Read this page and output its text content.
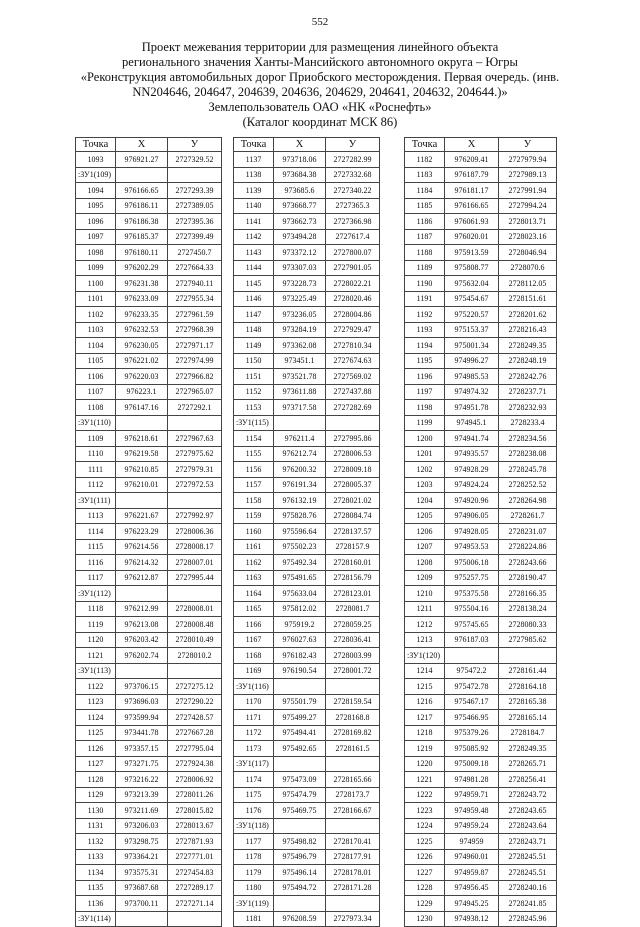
552
Проект межевания территории для размещения линейного объекта
регионального значения Ханты-Мансийского автономного округа – Югры
«Реконструкция автомобильных дорог Приобского месторождения. Первая очередь. (инв.
NN204646, 204647, 204639, 204636, 204629, 204641, 204632, 204644.)»
Землепользователь ОАО «НК «Роснефть»
(Каталог координат МСК 86)
Точка	X	У
1093	976921.27	2727329.52
:ЗУ1(109)		
1094	976166.65	2727293.39
1095	976186.11	2727389.05
1096	976186.38	2727395.36
1097	976185.37	2727399.49
1098	976180.11	2727450.7
1099	976202.29	2727664.33
1100	976231.38	2727940.11
1101	976233.09	2727955.34
1102	976233.35	2727961.59
1103	976232.53	2727968.39
1104	976230.05	2727971.17
1105	976221.02	2727974.99
1106	976220.03	2727966.82
1107	976223.1	2727965.07
1108	976147.16	2727292.1
:ЗУ1(110)		
1109	976218.61	2727967.63
1110	976219.58	2727975.62
1111	976210.85	2727979.31
1112	976210.01	2727972.53
:ЗУ1(111)		
1113	976221.67	2727992.97
1114	976223.29	2728006.36
1115	976214.56	2728008.17
1116	976214.32	2728007.01
1117	976212.87	2727995.44
:ЗУ1(112)		
1118	976212.99	2728008.01
1119	976213.08	2728008.48
1120	976203.42	2728010.49
1121	976202.74	2728010.2
:ЗУ1(113)		
1122	973706.15	2727275.12
1123	973696.03	2727290.22
1124	973599.94	2727428.57
1125	973441.78	2727667.28
1126	973357.15	2727795.04
1127	973271.75	2727924.38
1128	973216.22	2728006.92
1129	973213.39	2728011.26
1130	973211.69	2728015.82
1131	973206.03	2728013.67
1132	973298.75	2727871.93
1133	973364.21	2727771.01
1134	973575.31	2727454.83
1135	973687.68	2727289.17
1136	973700.11	2727271.14
:ЗУ1(114)		
Точка	X	У
1137	973718.06	2727282.99
1138	973684.38	2727332.68
1139	973685.6	2727340.22
1140	973668.77	2727365.3
1141	973662.73	2727366.98
1142	973494.28	2727617.4
1143	973372.12	2727800.07
1144	973307.03	2727901.05
1145	973228.73	2728022.21
1146	973225.49	2728020.46
1147	973236.05	2728004.86
1148	973284.19	2727929.47
1149	973362.08	2727810.34
1150	973451.1	2727674.63
1151	973521.78	2727569.02
1152	973611.88	2727437.88
1153	973717.58	2727282.69
:ЗУ1(115)		
1154	976211.4	2727995.86
1155	976212.74	2728006.53
1156	976200.32	2728009.18
1157	976191.34	2728005.37
1158	976132.19	2728021.02
1159	975828.76	2728084.74
1160	975596.64	2728137.57
1161	975502.23	2728157.9
1162	975492.34	2728160.01
1163	975491.65	2728156.79
1164	975633.04	2728123.01
1165	975812.02	2728081.7
1166	975919.2	2728059.25
1167	976027.63	2728036.41
1168	976182.43	2728003.99
1169	976190.54	2728001.72
:ЗУ1(116)		
1170	975501.79	2728159.54
1171	975499.27	2728168.8
1172	975494.41	2728169.82
1173	975492.65	2728161.5
:ЗУ1(117)		
1174	975473.09	2728165.66
1175	975474.79	2728173.7
1176	975469.75	2728166.67
:ЗУ1(118)		
1177	975498.82	2728170.41
1178	975496.79	2728177.91
1179	975496.14	2728178.01
1180	975494.72	2728171.28
:ЗУ1(119)		
1181	976208.59	2727973.34
Точка	X	У
1182	976209.41	2727979.94
1183	976187.79	2727989.13
1184	976181.17	2727991.94
1185	976166.65	2727994.24
1186	976061.93	2728013.71
1187	976020.01	2728023.16
1188	975913.59	2728046.94
1189	975808.77	2728070.6
1190	975632.04	2728112.05
1191	975454.67	2728151.61
1192	975220.57	2728201.62
1193	975153.37	2728216.43
1194	975001.34	2728249.35
1195	974996.27	2728248.19
1196	974985.53	2728242.76
1197	974974.32	2728237.71
1198	974951.78	2728232.93
1199	974945.1	2728233.4
1200	974941.74	2728234.56
1201	974935.57	2728238.08
1202	974928.29	2728245.78
1203	974924.24	2728252.52
1204	974920.96	2728264.98
1205	974906.05	2728261.7
1206	974928.05	2728231.07
1207	974953.53	2728224.86
1208	975006.18	2728243.66
1209	975257.75	2728190.47
1210	975375.58	2728166.35
1211	975504.16	2728138.24
1212	975745.65	2728080.33
1213	976187.03	2727985.62
:ЗУ1(120)		
1214	975472.2	2728161.44
1215	975472.78	2728164.18
1216	975467.17	2728165.38
1217	975466.95	2728165.14
1218	975379.26	2728184.7
1219	975085.92	2728249.35
1220	975009.18	2728265.71
1221	974981.28	2728256.41
1222	974959.71	2728243.72
1223	974959.48	2728243.65
1224	974959.24	2728243.64
1225	974959	2728243.71
1226	974960.01	2728245.51
1227	974959.87	2728245.51
1228	974956.45	2728240.16
1229	974945.25	2728241.85
1230	974938.12	2728245.96
